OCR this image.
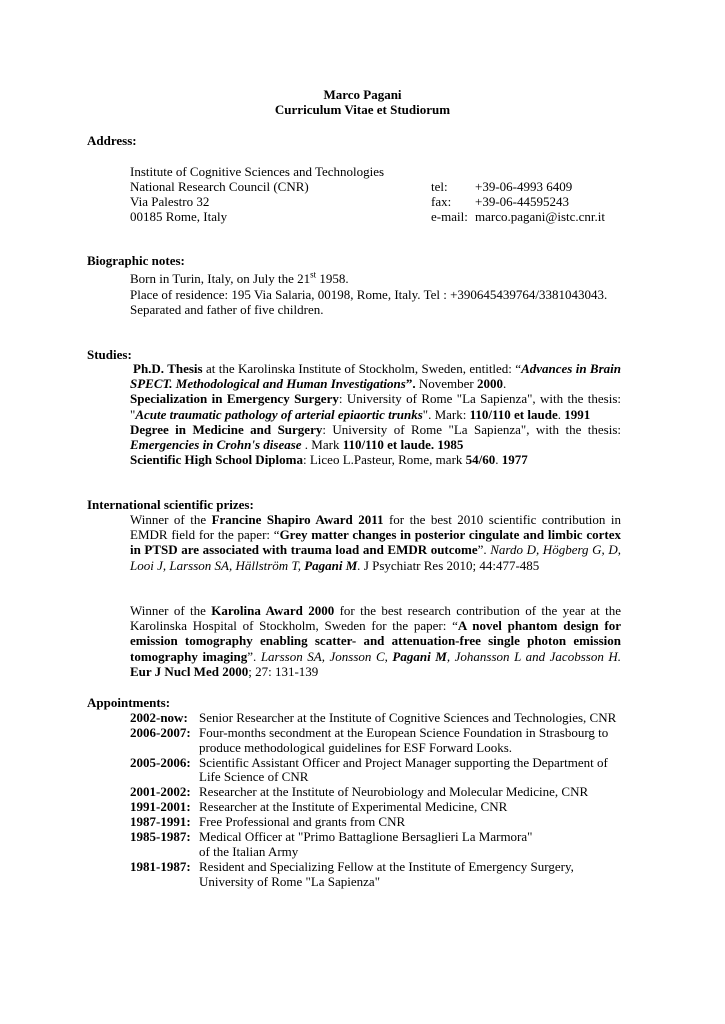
Marco Pagani
Curriculum Vitae et Studiorum
Address:
Institute of Cognitive Sciences and Technologies
National Research Council (CNR)
Via Palestro 32
00185 Rome, Italy
tel: +39-06-4993 6409
fax: +39-06-44595243
e-mail: marco.pagani@istc.cnr.it
Biographic notes:
Born in Turin, Italy, on July the 21st 1958.
Place of residence: 195 Via Salaria, 00198, Rome, Italy. Tel : +390645439764/3381043043.
Separated and father of five children.
Studies:

Ph.D. Thesis at the Karolinska Institute of Stockholm, Sweden, entitled: “Advances in Brain SPECT. Methodological and Human Investigations”. November 2000.

Specialization in Emergency Surgery: University of Rome "La Sapienza", with the thesis: "Acute traumatic pathology of arterial epiaortic trunks". Mark: 110/110 et laude. 1991

Degree in Medicine and Surgery: University of Rome "La Sapienza", with the thesis: Emergencies in Crohn's disease . Mark 110/110 et laude. 1985

Scientific High School Diploma: Liceo L.Pasteur, Rome, mark 54/60. 1977

International scientific prizes:

Winner of the Francine Shapiro Award 2011 for the best 2010 scientific contribution in EMDR field for the paper: “Grey matter changes in posterior cingulate and limbic cortex in PTSD are associated with trauma load and EMDR outcome”. Nardo D, Högberg G, D, Looi J, Larsson SA, Hällström T, Pagani M. J Psychiatr Res 2010; 44:477-485

Winner of the Karolina Award 2000 for the best research contribution of the year at the Karolinska Hospital of Stockholm, Sweden for the paper: “A novel phantom design for emission tomography enabling scatter- and attenuation-free single photon emission tomography imaging”. Larsson SA, Jonsson C, Pagani M, Johansson L and Jacobsson H. Eur J Nucl Med 2000; 27: 131-139

Appointments:
2002-now: Senior Researcher at the Institute of Cognitive Sciences and Technologies, CNR
2006-2007: Four-months secondment at the European Science Foundation in Strasbourg to
produce methodological guidelines for ESF Forward Looks.
2005-2006: Scientific Assistant Officer and Project Manager supporting the Department of
Life Science of CNR
2001-2002: Researcher at the Institute of Neurobiology and Molecular Medicine, CNR
1991-2001: Researcher at the Institute of Experimental Medicine, CNR
1987-1991: Free Professional and grants from CNR
1985-1987: Medical Officer at "Primo Battaglione Bersaglieri La Marmora"
of the Italian Army
1981-1987: Resident and Specializing Fellow at the Institute of Emergency Surgery,
University of Rome "La Sapienza"
